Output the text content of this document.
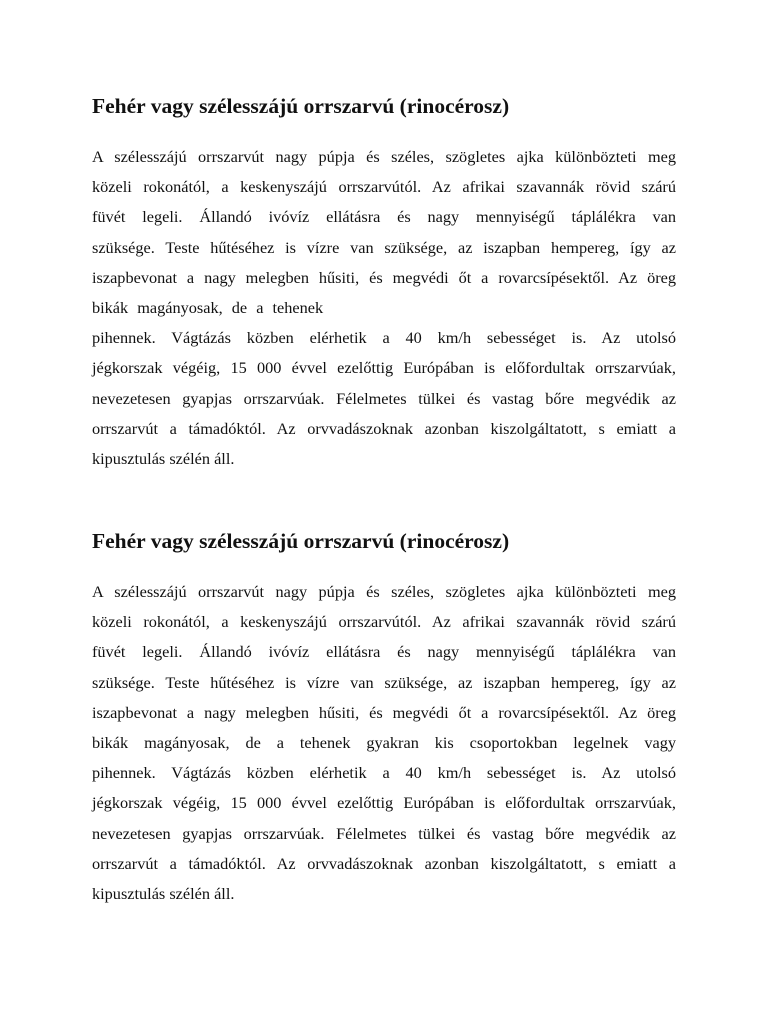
Fehér vagy szélesszájú orrszarvú (rinocérosz)

A szélesszájú orrszarvút nagy púpja és széles, szögletes ajka különbözteti meg
közeli rokonától, a keskenyszájú orrszarvútól. Az afrikai szavannák rövid szárú
füvét legeli. Állandó ivóvíz ellátásra és nagy mennyiségű táplálékra van
szüksége. Teste hűtéséhez is vízre van szüksége, az iszapban hempereg, így az
iszapbevonat a nagy melegben hűsiti, és megvédi őt a rovarcsípésektől. Az öreg
bikák magányosak, de a tehenek
pihennek. Vágtázás közben elérhetik a 40 km/h sebességet is. Az utolsó
jégkorszak végéig, 15 000 évvel ezelőttig Európában is előfordultak orrszarvúak,
nevezetesen gyapjas orrszarvúak. Félelmetes tülkei és vastag bőre megvédik az
orrszarvút a támadóktól. Az orvvadászoknak azonban kiszolgáltatott, s emiatt a
kipusztulás szélén áll.

Fehér vagy szélesszájú orrszarvú (rinocérosz)

A szélesszájú orrszarvút nagy púpja és széles, szögletes ajka különbözteti meg
közeli rokonától, a keskenyszájú orrszarvútól. Az afrikai szavannák rövid szárú
füvét legeli. Állandó ivóvíz ellátásra és nagy mennyiségű táplálékra van
szüksége. Teste hűtéséhez is vízre van szüksége, az iszapban hempereg, így az
iszapbevonat a nagy melegben hűsiti, és megvédi őt a rovarcsípésektől. Az öreg
bikák magányosak, de a tehenek gyakran kis csoportokban legelnek vagy
pihennek. Vágtázás közben elérhetik a 40 km/h sebességet is. Az utolsó
jégkorszak végéig, 15 000 évvel ezelőttig Európában is előfordultak orrszarvúak,
nevezetesen gyapjas orrszarvúak. Félelmetes tülkei és vastag bőre megvédik az
orrszarvút a támadóktól. Az orvvadászoknak azonban kiszolgáltatott, s emiatt a
kipusztulás szélén áll.
